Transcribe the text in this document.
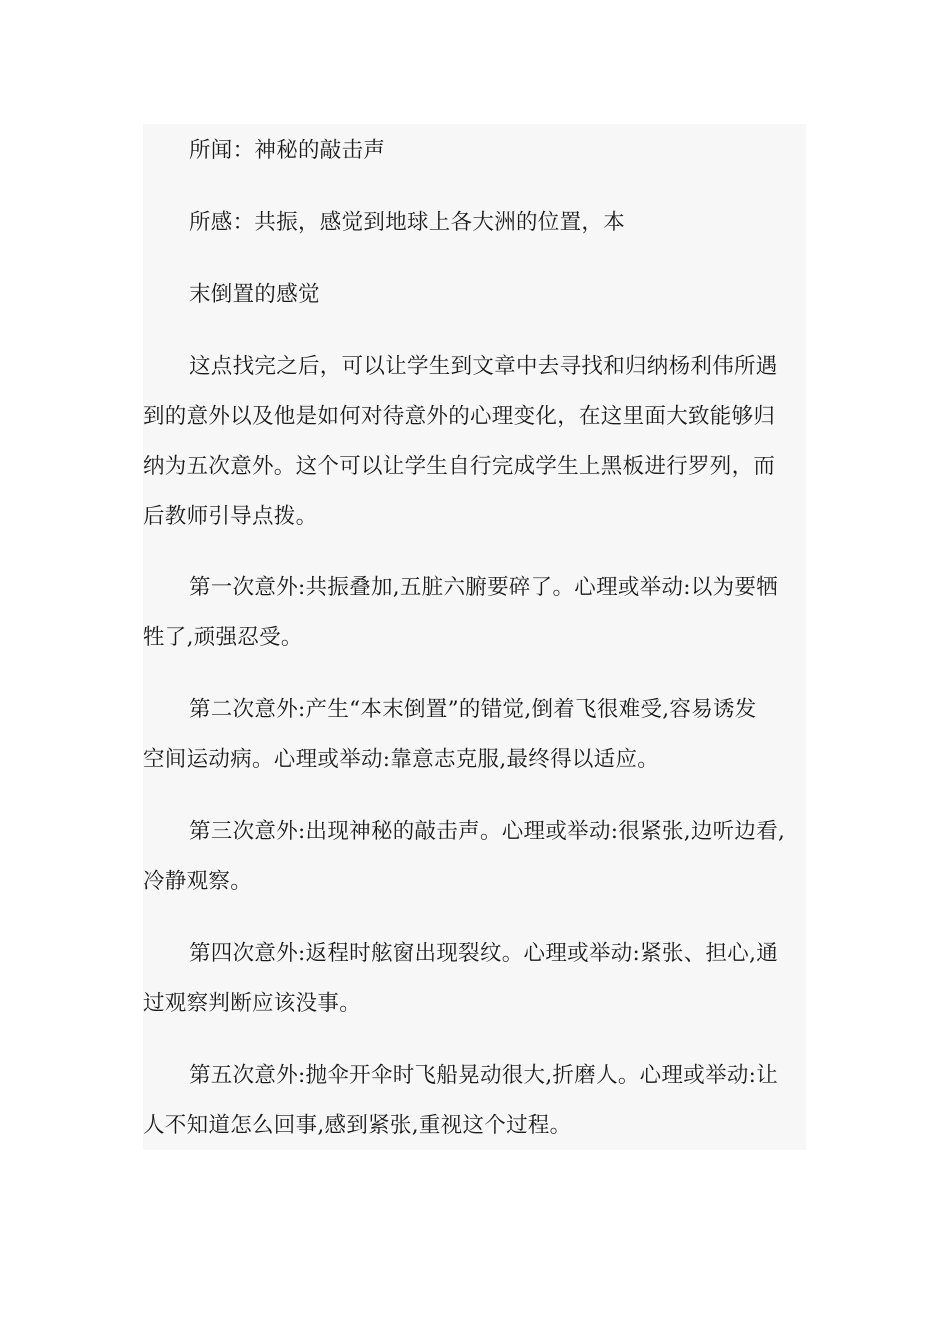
所闻：神秘的敲击声
所感：共振，感觉到地球上各大洲的位置，本
末倒置的感觉
这点找完之后，可以让学生到文章中去寻找和归纳杨利伟所遇
到的意外以及他是如何对待意外的心理变化，在这里面大致能够归
纳为五次意外。这个可以让学生自行完成学生上黑板进行罗列，而
后教师引导点拨。
第一次意外:共振叠加,五脏六腑要碎了。心理或举动:以为要牺
牲了,顽强忍受。
第二次意外:产生“本末倒置”的错觉,倒着飞很难受,容易诱发
空间运动病。心理或举动:靠意志克服,最终得以适应。
第三次意外:出现神秘的敲击声。心理或举动:很紧张,边听边看,
冷静观察。
第四次意外:返程时舷窗出现裂纹。心理或举动:紧张、担心,通
过观察判断应该没事。
第五次意外:抛伞开伞时飞船晃动很大,折磨人。心理或举动:让
人不知道怎么回事,感到紧张,重视这个过程。
